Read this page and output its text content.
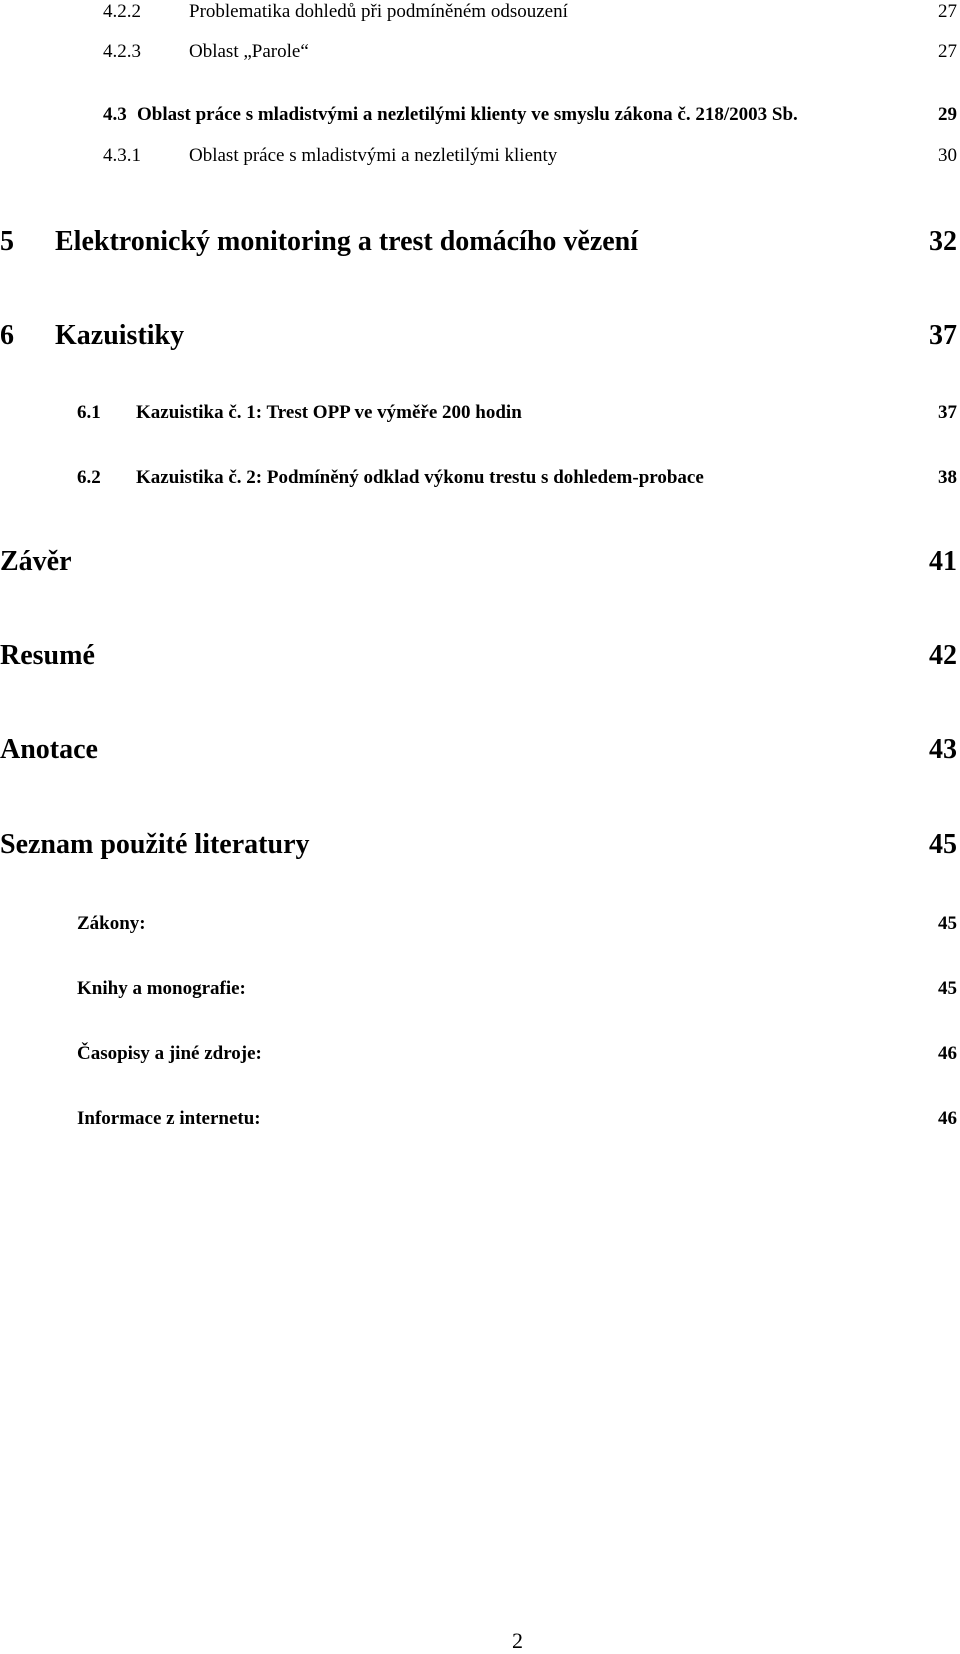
4.2.2	Problematika dohledů při podmíněném odsouzení	27
4.2.3	Oblast „Parole“	27
4.3 Oblast práce s mladistvými a nezletilými klienty ve smyslu zákona č. 218/2003 Sb.	29
4.3.1	Oblast práce s mladistvými a nezletilými klienty	30
5 Elektronický monitoring a trest domácího vězení	32
6 Kazuistiky	37
6.1 Kazuistika č. 1: Trest OPP ve výměře 200 hodin	37
6.2 Kazuistika č. 2: Podmíněný odklad výkonu trestu s dohledem-probace	38
Závěr	41
Resumé	42
Anotace	43
Seznam použité literatury	45
Zákony:	45
Knihy a monografie:	45
Časopisy a jiné zdroje:	46
Informace z internetu:	46
2
